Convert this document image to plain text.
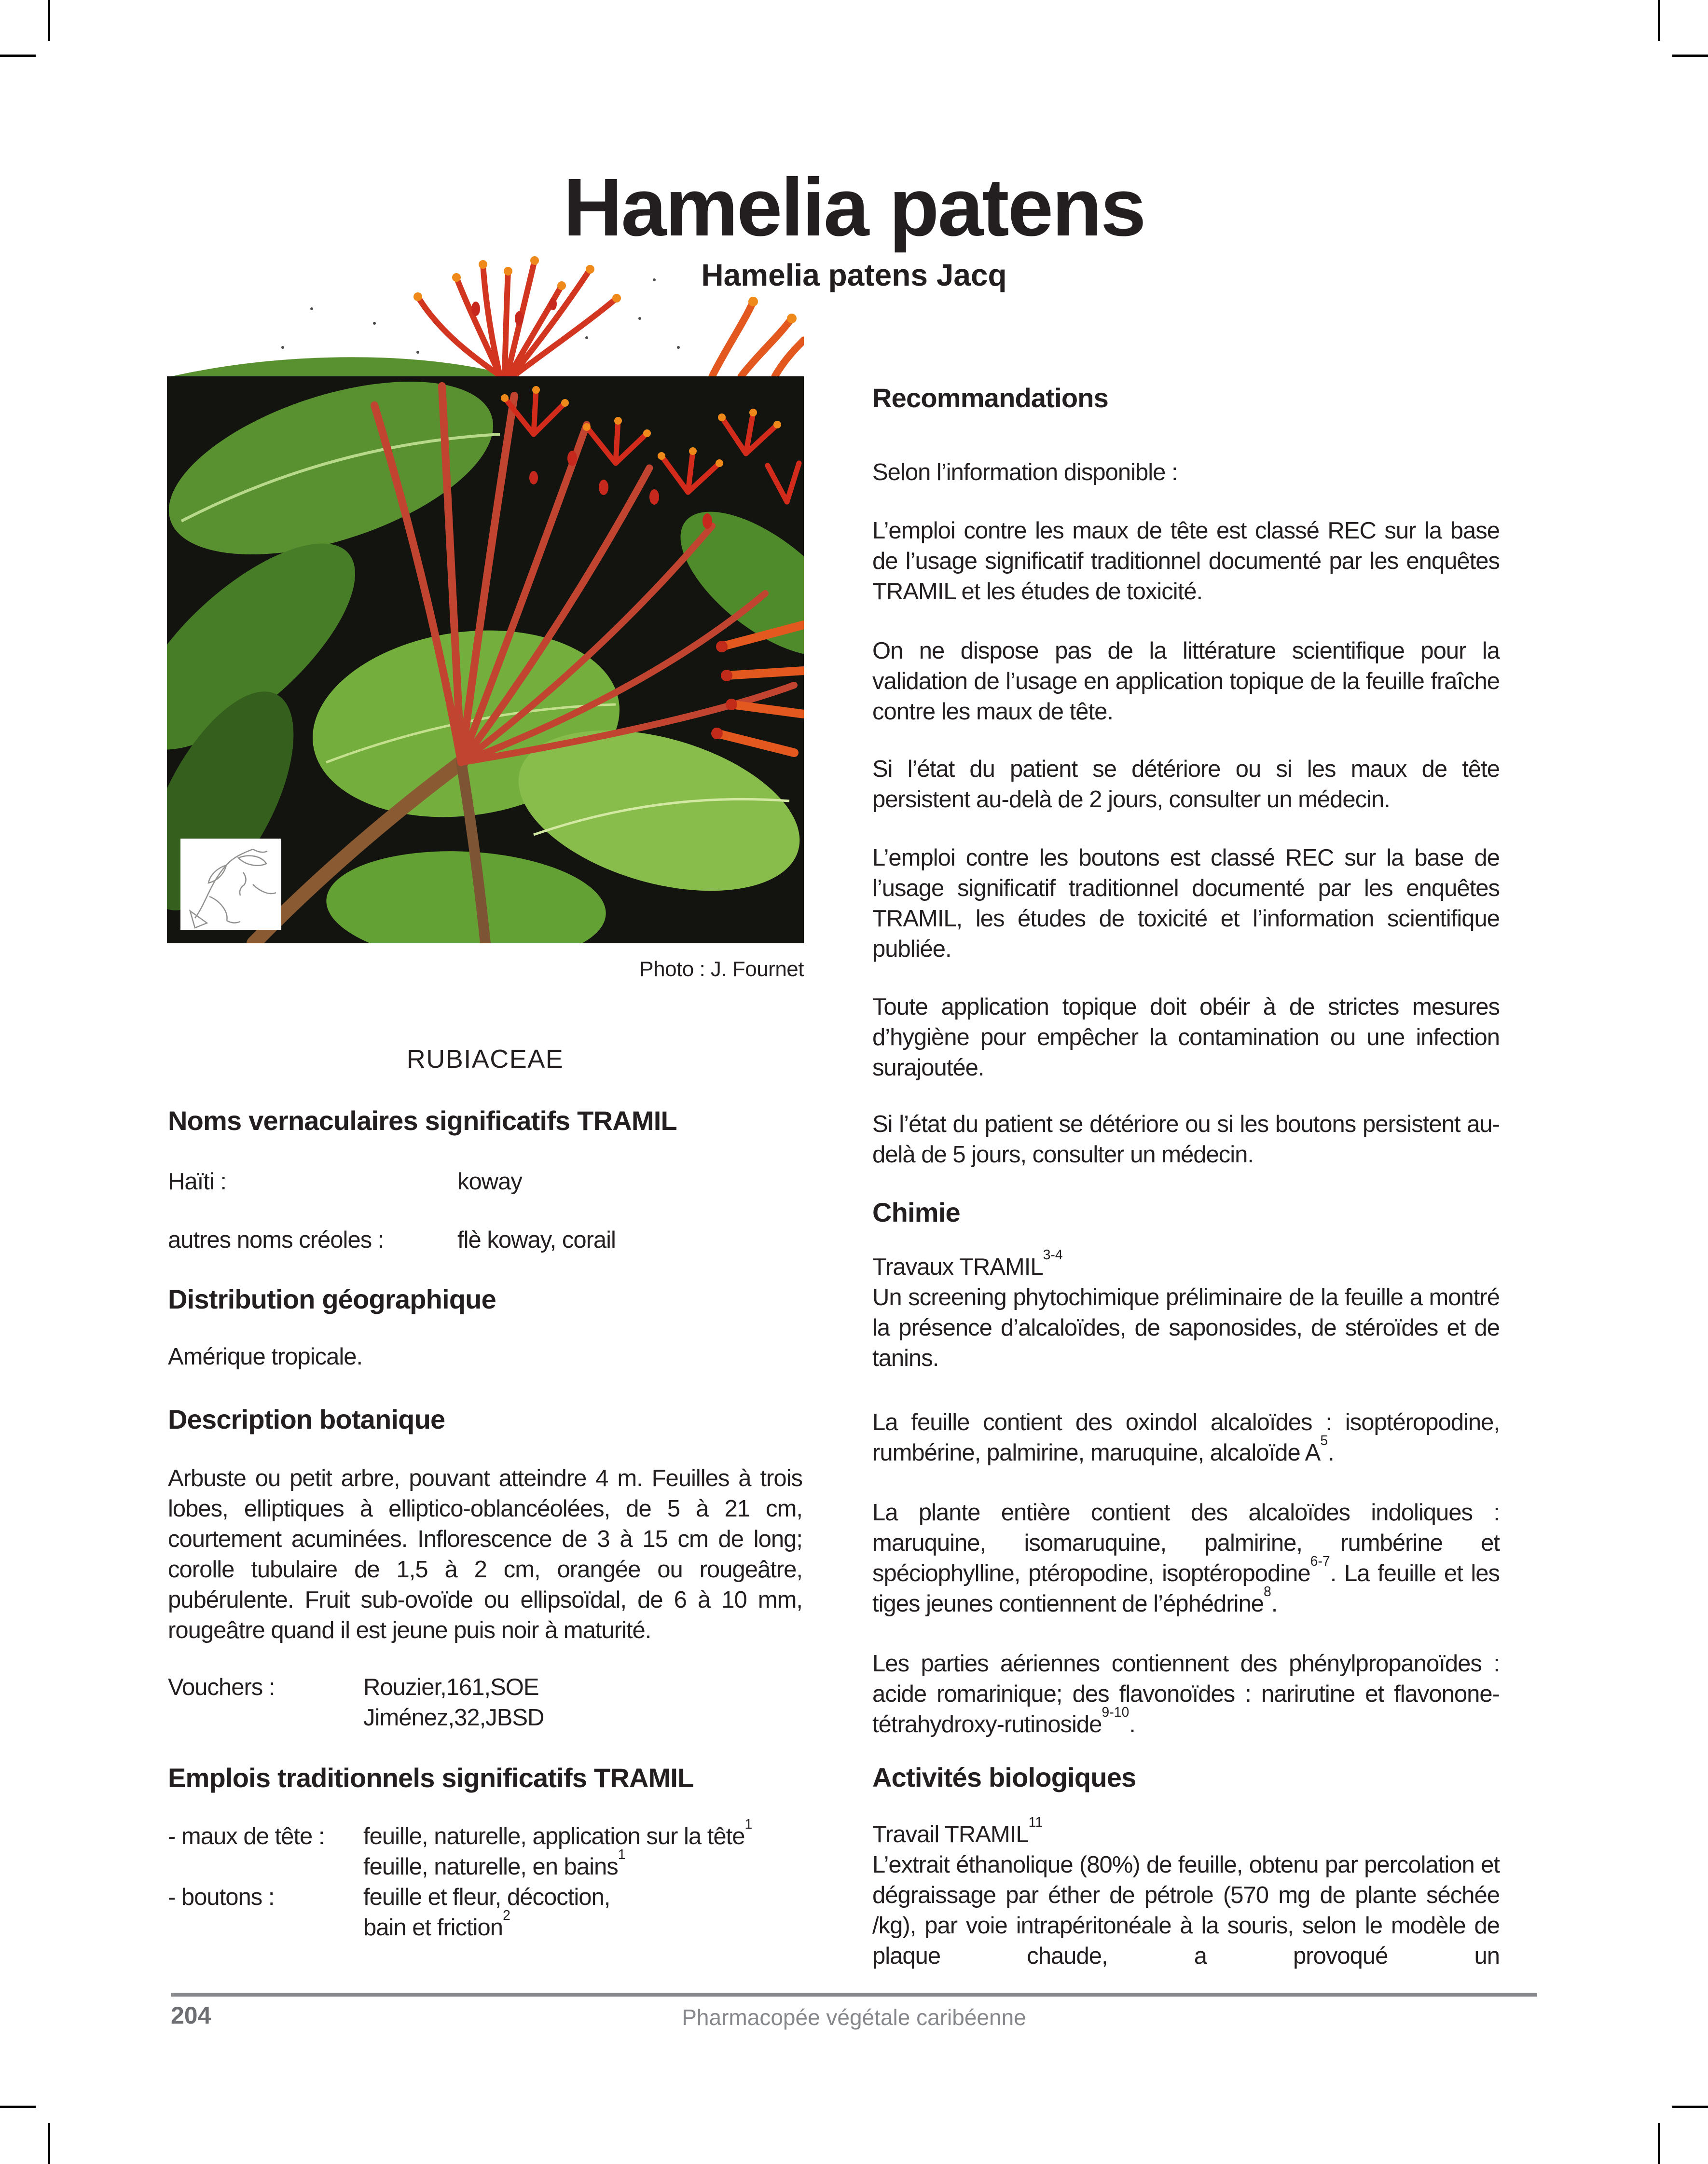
Hamelia patens
Hamelia patens Jacq
Photo : J. Fournet
RUBIACEAE
Noms vernaculaires significatifs TRAMIL
Haïti :	koway
autres noms créoles :	flè koway, corail
Distribution géographique

Amérique tropicale.

Description botanique

Arbuste ou petit arbre, pouvant atteindre 4 m. Feuilles à trois lobes, elliptiques à elliptico-oblancéolées, de 5 à 21 cm, courtement acuminées. Inflorescence de 3 à 15 cm de long; corolle tubulaire de 1,5 à 2 cm, orangée ou rougeâtre, pubérulente. Fruit sub-ovoïde ou ellipsoïdal, de 6 à 10 mm, rougeâtre quand il est jeune puis noir à maturité.

Vouchers :	Rouzier,161,SOE
Jiménez,32,JBSD
Emplois traditionnels significatifs TRAMIL
- maux de tête :	feuille, naturelle, application sur la tête$^1$
feuille, naturelle, en bains$^1$
- boutons :	feuille et fleur, décoction,
bain et friction$^2$
Recommandations

Selon l’information disponible :

L’emploi contre les maux de tête est classé REC sur la base de l’usage significatif traditionnel documenté par les enquêtes TRAMIL et les études de toxicité.

On ne dispose pas de la littérature scientifique pour la validation de l’usage en application topique de la feuille fraîche contre les maux de tête.

Si l’état du patient se détériore ou si les maux de tête persistent au-delà de 2 jours, consulter un médecin.

L’emploi contre les boutons est classé REC sur la base de l’usage significatif traditionnel documenté par les enquêtes TRAMIL, les études de toxicité et l’information scientifique publiée.

Toute application topique doit obéir à de strictes mesures d’hygiène pour empêcher la contamination ou une infection surajoutée.

Si l’état du patient se détériore ou si les boutons persistent au-delà de 5 jours, consulter un médecin.

Chimie

Travaux TRAMIL$^{3-4}$

Un screening phytochimique préliminaire de la feuille a montré la présence d’alcaloïdes, de saponosides, de stéroïdes et de tanins.

La feuille contient des oxindol alcaloïdes : isoptéropodine, rumbérine, palmirine, maruquine, alcaloïde $A^5$.

La plante entière contient des alcaloïdes indoliques : maruquine, isomaruquine, palmirine, rumbérine et spéciophylline, ptéropodine, isoptéropodine$^{6-7}$. La feuille et les tiges jeunes contiennent de l’éphédrine$^8$.

Les parties aériennes contiennent des phénylpropanoïdes : acide romarinique; des flavonoïdes : narirutine et flavonone-tétrahydroxy-rutinoside$^{9-10}$.

Activités biologiques

Travail TRAMIL$^{11}$

L’extrait éthanolique (80%) de feuille, obtenu par percolation et dégraissage par éther de pétrole (570 mg de plante séchée /kg), par voie intrapéritonéale à la souris, selon le modèle de plaque chaude, a provoqué un

204	Pharmacopée végétale caribéenne
